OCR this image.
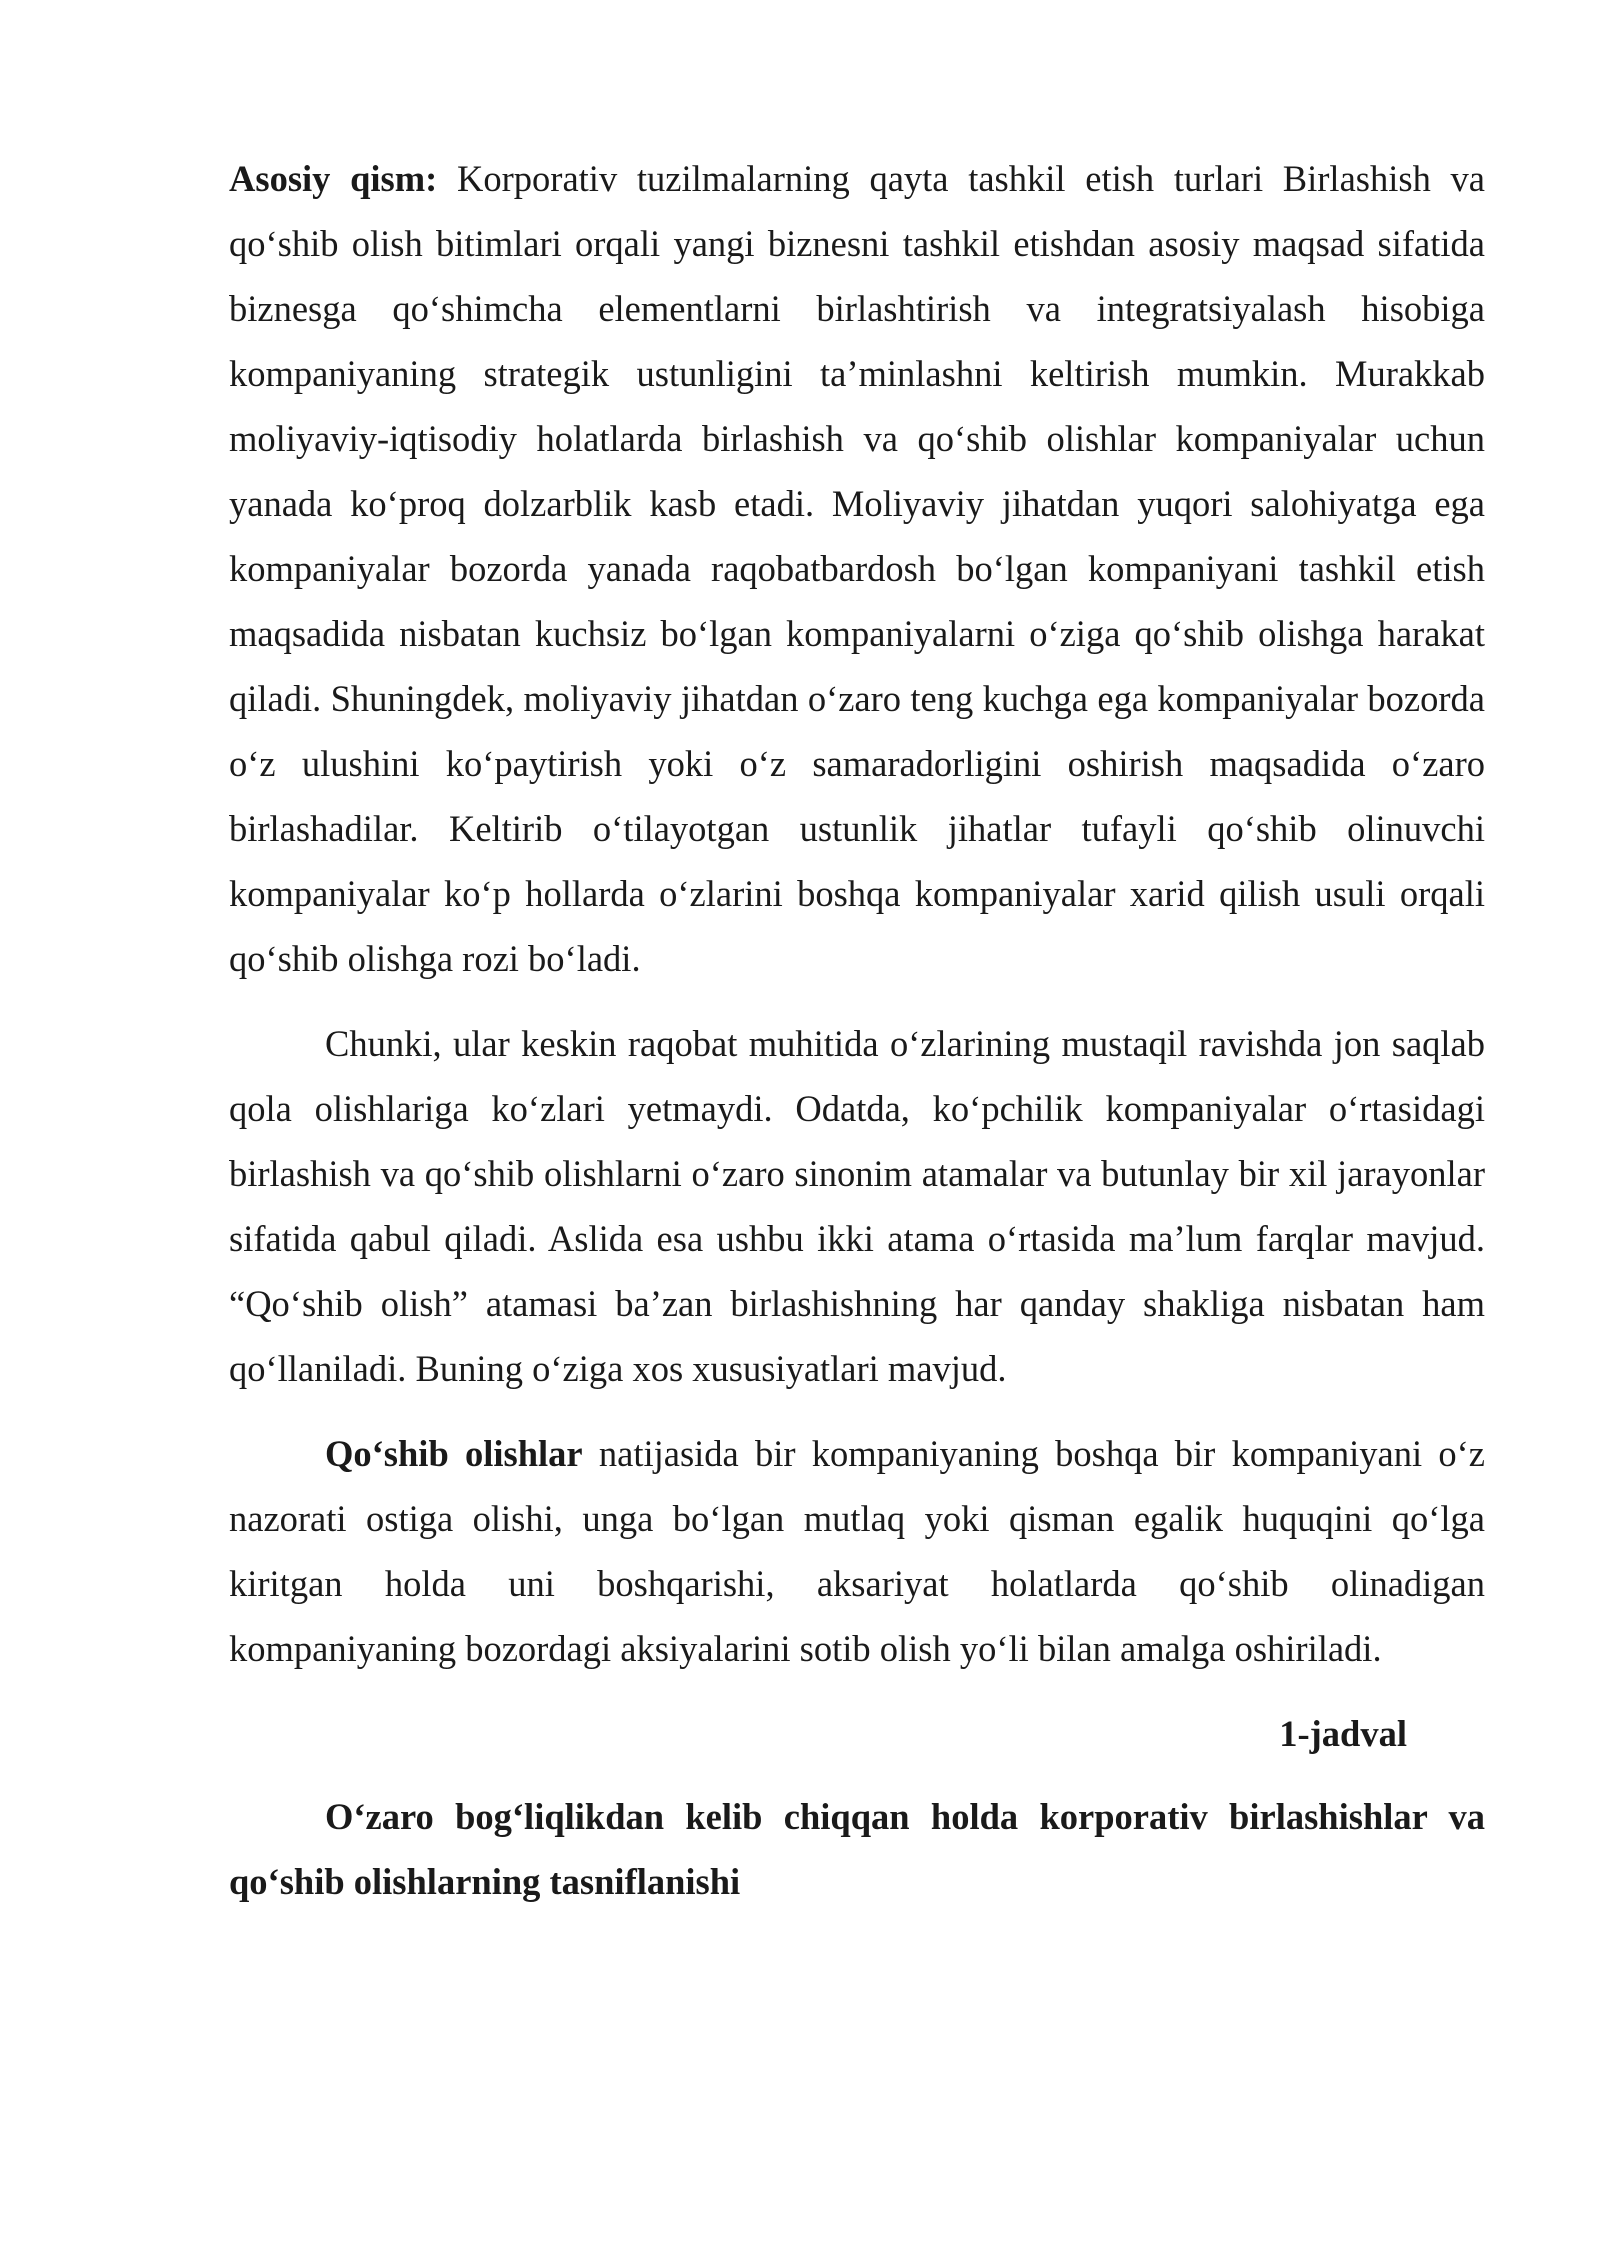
Asosiy qism: Korporativ tuzilmalarning qayta tashkil etish turlari Birlashish va qo‘shib olish bitimlari orqali yangi biznesni tashkil etishdan asosiy maqsad sifatida biznesga qo‘shimcha elementlarni birlashtirish va integratsiyalash hisobiga kompaniyaning strategik ustunligini ta’minlashni keltirish mumkin. Murakkab moliyaviy-iqtisodiy holatlarda birlashish va qo‘shib olishlar kompaniyalar uchun yanada ko‘proq dolzarblik kasb etadi. Moliyaviy jihatdan yuqori salohiyatga ega kompaniyalar bozorda yanada raqobatbardosh bo‘lgan kompaniyani tashkil etish maqsadida nisbatan kuchsiz bo‘lgan kompaniyalarni o‘ziga qo‘shib olishga harakat qiladi. Shuningdek, moliyaviy jihatdan o‘zaro teng kuchga ega kompaniyalar bozorda o‘z ulushini ko‘paytirish yoki o‘z samaradorligini oshirish maqsadida o‘zaro birlashadilar. Keltirib o‘tilayotgan ustunlik jihatlar tufayli qo‘shib olinuvchi kompaniyalar ko‘p hollarda o‘zlarini boshqa kompaniyalar xarid qilish usuli orqali qo‘shib olishga rozi bo‘ladi.

Chunki, ular keskin raqobat muhitida o‘zlarining mustaqil ravishda jon saqlab qola olishlariga ko‘zlari yetmaydi. Odatda, ko‘pchilik kompaniyalar o‘rtasidagi birlashish va qo‘shib olishlarni o‘zaro sinonim atamalar va butunlay bir xil jarayonlar sifatida qabul qiladi. Aslida esa ushbu ikki atama o‘rtasida ma’lum farqlar mavjud. “Qo‘shib olish” atamasi ba’zan birlashishning har qanday shakliga nisbatan ham qo‘llaniladi. Buning o‘ziga xos xususiyatlari mavjud.

Qo‘shib olishlar natijasida bir kompaniyaning boshqa bir kompaniyani o‘z nazorati ostiga olishi, unga bo‘lgan mutlaq yoki qisman egalik huquqini qo‘lga kiritgan holda uni boshqarishi, aksariyat holatlarda qo‘shib olinadigan kompaniyaning bozordagi aksiyalarini sotib olish yo‘li bilan amalga oshiriladi.

1-jadval

O‘zaro bog‘liqlikdan kelib chiqqan holda korporativ birlashishlar va qo‘shib olishlarning tasniflanishi
